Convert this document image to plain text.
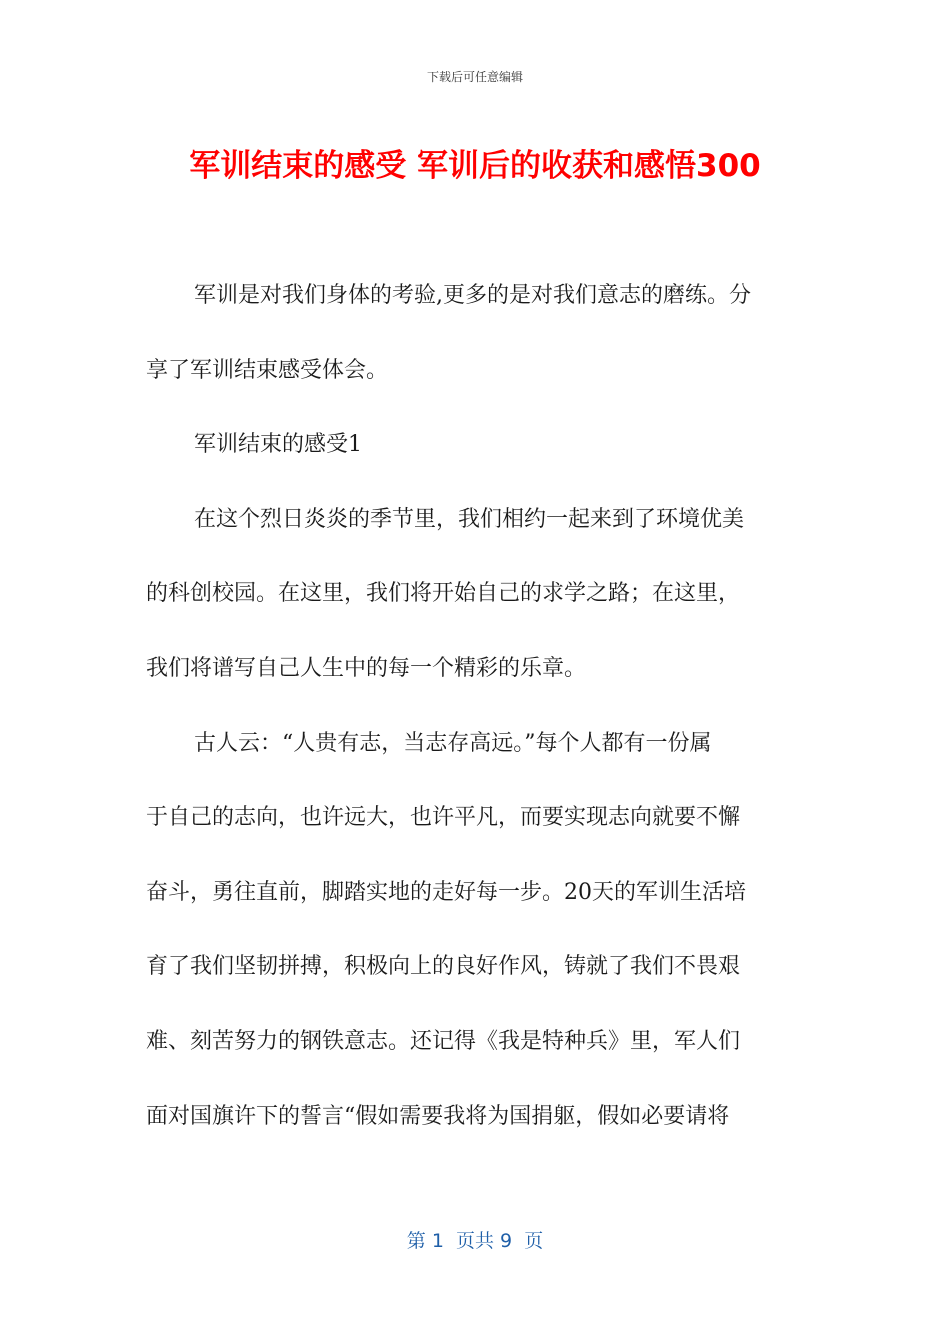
下载后可任意编辑
军训结束的感受 军训后的收获和感悟300
军训是对我们身体的考验,更多的是对我们意志的磨练。分
享了军训结束感受体会。
军训结束的感受1
在这个烈日炎炎的季节里，我们相约一起来到了环境优美
的科创校园。在这里，我们将开始自己的求学之路；在这里，
我们将谱写自己人生中的每一个精彩的乐章。
古人云：“人贵有志，当志存高远。”每个人都有一份属
于自己的志向，也许远大，也许平凡，而要实现志向就要不懈
奋斗，勇往直前，脚踏实地的走好每一步。20天的军训生活培
育了我们坚韧拼搏，积极向上的良好作风，铸就了我们不畏艰
难、刻苦努力的钢铁意志。还记得《我是特种兵》里，军人们
面对国旗许下的誓言“假如需要我将为国捐躯，假如必要请将
第 1  页共 9  页
